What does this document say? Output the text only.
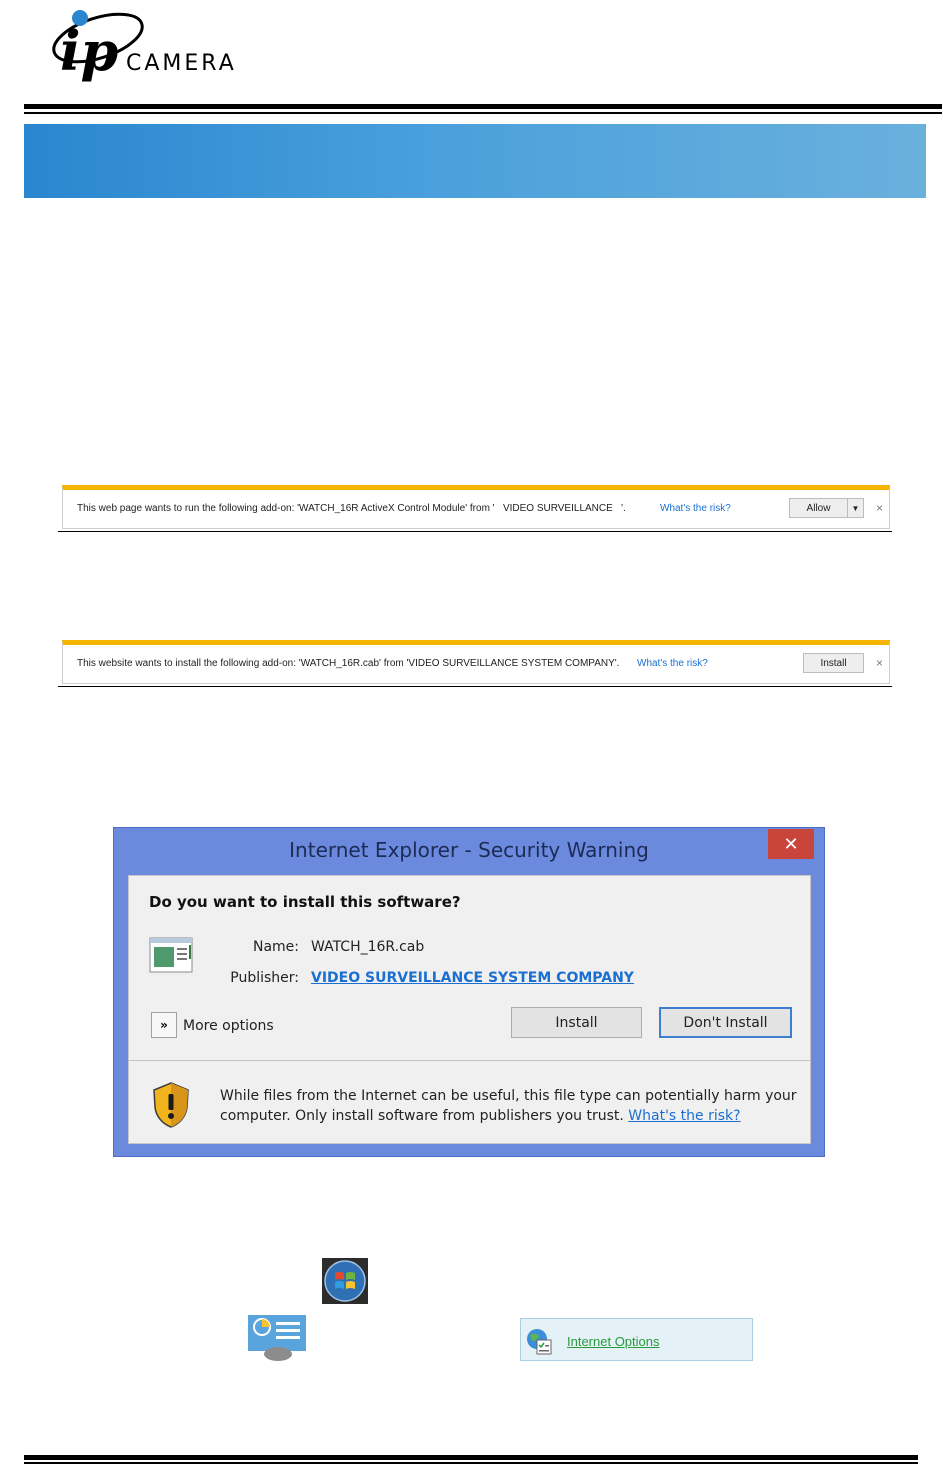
ip CAMERA
This web page wants to run the following add-on: 'WATCH_16R ActiveX Control Module' from ' VIDEO SURVEILLANCE '.	What's the risk?	Allow	▼	×
This website wants to install the following add-on: 'WATCH_16R.cab' from 'VIDEO SURVEILLANCE SYSTEM COMPANY'. What's the risk?	Install	×
Internet Explorer - Security Warning	✕
Do you want to install this software?
Name: WATCH_16R.cab
Publisher: VIDEO SURVEILLANCE SYSTEM COMPANY
»	More options	Install	Don't Install
While files from the Internet can be useful, this file type can potentially harm your computer. Only install software from publishers you trust. What's the risk?
Internet Options
